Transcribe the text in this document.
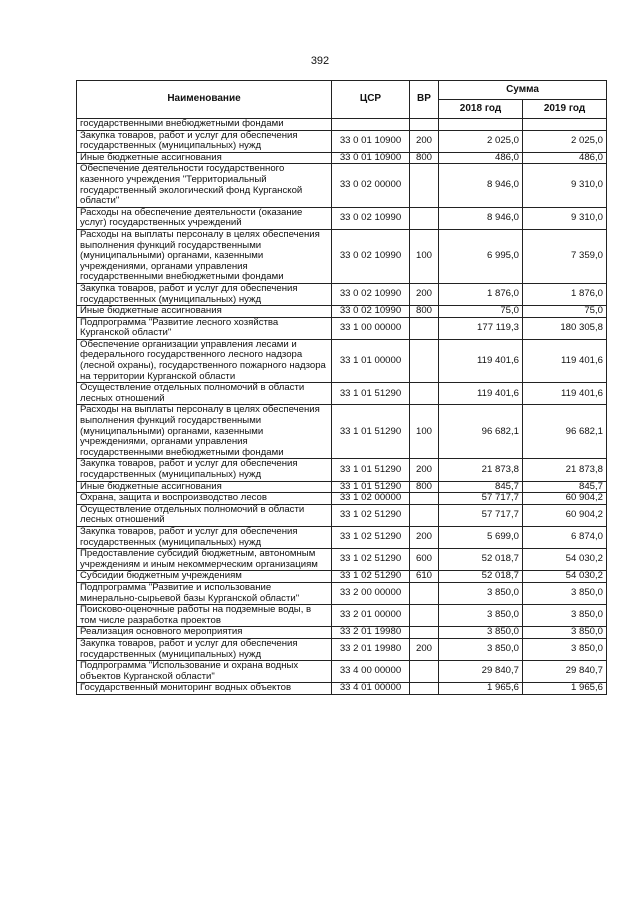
392
Наименование	ЦСР	ВР	Сумма	
			2018 год	2019 год
государственными внебюджетными фондами				
Закупка товаров, работ и услуг для обеспечения государственных (муниципальных) нужд	33 0 01 10900	200	2 025,0	2 025,0
Иные бюджетные ассигнования	33 0 01 10900	800	486,0	486,0
Обеспечение деятельности государственного казенного учреждения "Территориальный государственный экологический фонд Курганской области"	33 0 02 00000		8 946,0	9 310,0
Расходы на обеспечение деятельности (оказание услуг) государственных учреждений	33 0 02 10990		8 946,0	9 310,0
Расходы на выплаты персоналу в целях обеспечения выполнения функций государственными (муниципальными) органами, казенными учреждениями, органами управления государственными внебюджетными фондами	33 0 02 10990	100	6 995,0	7 359,0
Закупка товаров, работ и услуг для обеспечения государственных (муниципальных) нужд	33 0 02 10990	200	1 876,0	1 876,0
Иные бюджетные ассигнования	33 0 02 10990	800	75,0	75,0
Подпрограмма "Развитие лесного хозяйства Курганской области"	33 1 00 00000		177 119,3	180 305,8
Обеспечение организации управления лесами и федерального государственного лесного надзора (лесной охраны), государственного пожарного надзора на территории Курганской области	33 1 01 00000		119 401,6	119 401,6
Осуществление отдельных полномочий в области лесных отношений	33 1 01 51290		119 401,6	119 401,6
Расходы на выплаты персоналу в целях обеспечения выполнения функций государственными (муниципальными) органами, казенными учреждениями, органами управления государственными внебюджетными фондами	33 1 01 51290	100	96 682,1	96 682,1
Закупка товаров, работ и услуг для обеспечения государственных (муниципальных) нужд	33 1 01 51290	200	21 873,8	21 873,8
Иные бюджетные ассигнования	33 1 01 51290	800	845,7	845,7
Охрана, защита и воспроизводство лесов	33 1 02 00000		57 717,7	60 904,2
Осуществление отдельных полномочий в области лесных отношений	33 1 02 51290		57 717,7	60 904,2
Закупка товаров, работ и услуг для обеспечения государственных (муниципальных) нужд	33 1 02 51290	200	5 699,0	6 874,0
Предоставление субсидий бюджетным, автономным учреждениям и иным некоммерческим организациям	33 1 02 51290	600	52 018,7	54 030,2
Субсидии бюджетным учреждениям	33 1 02 51290	610	52 018,7	54 030,2
Подпрограмма "Развитие и использование минерально-сырьевой базы Курганской области"	33 2 00 00000		3 850,0	3 850,0
Поисково-оценочные работы на подземные воды, в том числе разработка проектов	33 2 01 00000		3 850,0	3 850,0
Реализация основного мероприятия	33 2 01 19980		3 850,0	3 850,0
Закупка товаров, работ и услуг для обеспечения государственных (муниципальных) нужд	33 2 01 19980	200	3 850,0	3 850,0
Подпрограмма "Использование и охрана водных объектов Курганской области"	33 4 00 00000		29 840,7	29 840,7
Государственный мониторинг водных объектов	33 4 01 00000		1 965,6	1 965,6
